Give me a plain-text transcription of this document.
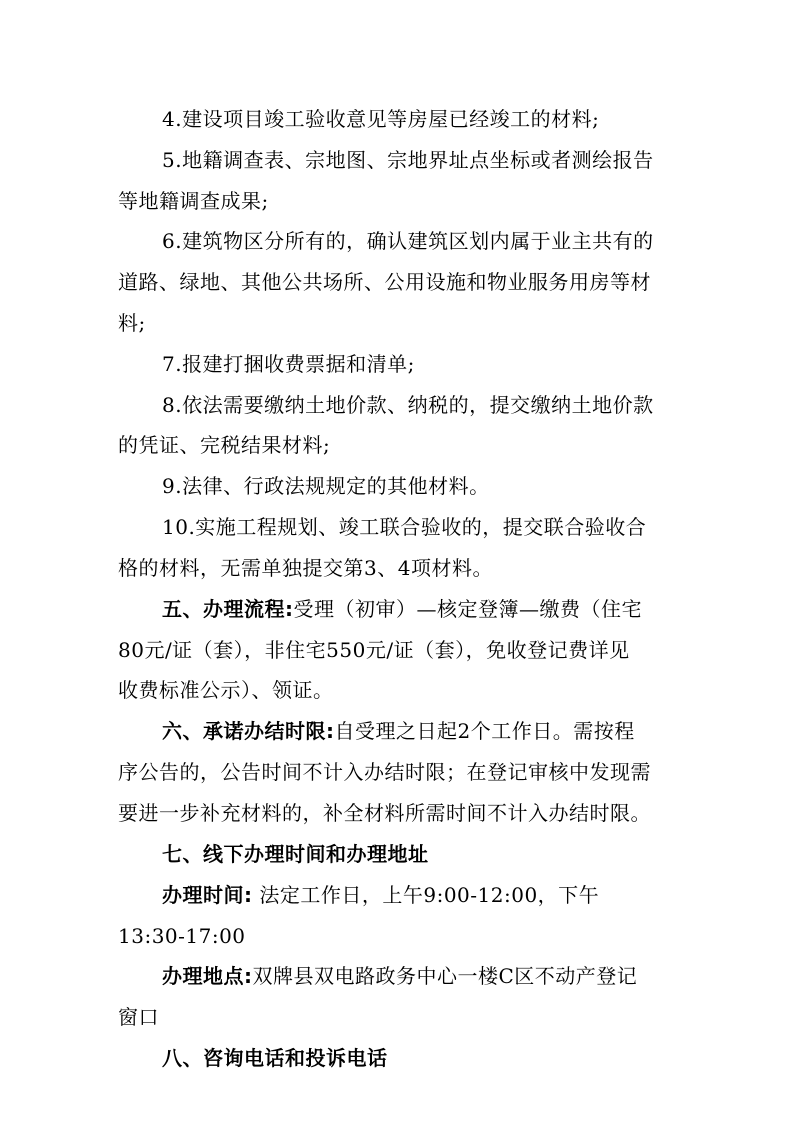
4.建设项目竣工验收意见等房屋已经竣工的材料;
5.地籍调查表、宗地图、宗地界址点坐标或者测绘报告
等地籍调查成果;
6.建筑物区分所有的，确认建筑区划内属于业主共有的
道路、绿地、其他公共场所、公用设施和物业服务用房等材
料;
7.报建打捆收费票据和清单;
8.依法需要缴纳土地价款、纳税的，提交缴纳土地价款
的凭证、完税结果材料;
9.法律、行政法规规定的其他材料。
10.实施工程规划、竣工联合验收的，提交联合验收合
格的材料，无需单独提交第3、4项材料。
五、办理流程:受理（初审）—核定登簿—缴费（住宅
80元/证（套），非住宅550元/证（套），免收登记费详见
收费标准公示）、领证。
六、承诺办结时限:自受理之日起2个工作日。需按程
序公告的，公告时间不计入办结时限；在登记审核中发现需
要进一步补充材料的，补全材料所需时间不计入办结时限。
七、线下办理时间和办理地址
办理时间: 法定工作日，上午9:00-12:00，下午
13:30-17:00
办理地点:双牌县双电路政务中心一楼C区不动产登记
窗口
八、咨询电话和投诉电话
